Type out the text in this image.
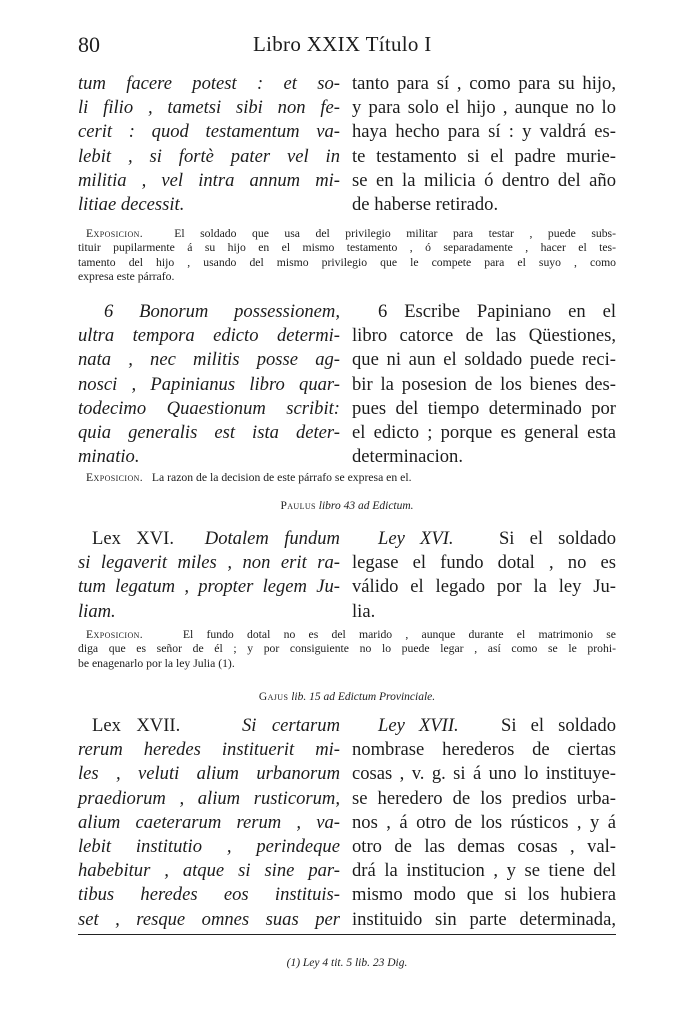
80	Libro XXIX Título I
tum facere potest : et so-
li filio , tametsi sibi non fe-
cerit : quod testamentum va-
lebit , si fortè pater vel in
militia , vel intra annum mi-
litiae decessit.
tanto para sí , como para su hijo,
y para solo el hijo , aunque no lo
haya hecho para sí : y valdrá es-
te testamento si el padre murie-
se en la milicia ó dentro del año
de haberse retirado.
Exposicion.	El soldado que usa del privilegio militar para testar , puede subs-
tituir pupilarmente á su hijo en el mismo testamento , ó separadamente , hacer el tes-
tamento del hijo , usando del mismo privilegio que le compete para el suyo , como
expresa este párrafo.
6 Bonorum possessionem,
ultra tempora edicto determi-
nata , nec militis posse ag-
nosci , Papinianus libro quar-
todecimo Quaestionum scribit:
quia generalis est ista deter-
minatio.
6 Escribe Papiniano en el
libro catorce de las Qüestiones,
que ni aun el soldado puede reci-
bir la posesion de los bienes des-
pues del tiempo determinado por
el edicto ; porque es general esta
determinacion.
Exposicion. La razon de la decision de este párrafo se expresa en el.
Paulus libro 43 ad Edictum.
Lex XVI. Dotalem fundum
si legaverit miles , non erit ra-
tum legatum , propter legem Ju-
liam.
Ley XVI. Si el soldado
legase el fundo dotal , no es
válido el legado por la ley Ju-
lia.
Exposicion.	El fundo dotal no es del marido , aunque durante el matrimonio se
diga que es señor de él ; y por consiguiente no lo puede legar , así como se le prohi-
be enagenarlo por la ley Julia (1).
Gajus lib. 15 ad Edictum Provinciale.
Lex XVII.	Si certarum
rerum heredes instituerit mi-
les , veluti alium urbanorum
praediorum , alium rusticorum,
alium caeterarum rerum , va-
lebit institutio , perindeque
habebitur , atque si sine par-
tibus heredes eos instituis-
set , resque omnes suas per
Ley XVII. Si el soldado
nombrase herederos de ciertas
cosas , v. g. si á uno lo instituye-
se heredero de los predios urba-
nos , á otro de los rústicos , y á
otro de las demas cosas , val-
drá la institucion , y se tiene del
mismo modo que si los hubiera
instituido sin parte determinada,
(1) Ley 4 tit. 5 lib. 23 Dig.
